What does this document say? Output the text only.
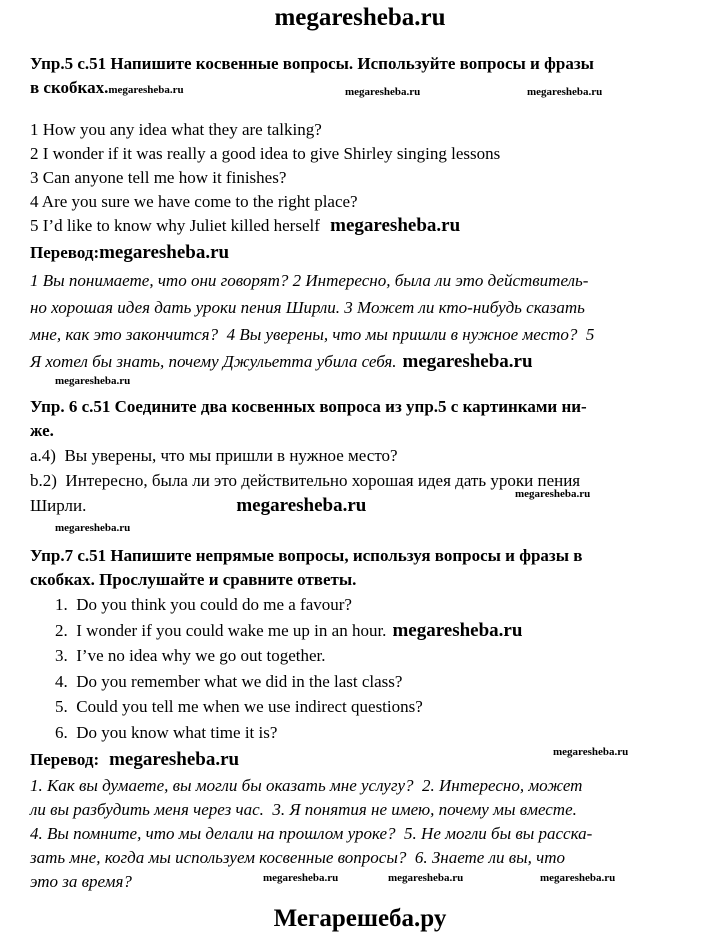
megaresheba.ru
megaresheba.ru	megaresheba.ru
megaresheba.ru
megaresheba.ru
megaresheba.ru
megaresheba.ru
megaresheba.ru	megaresheba.ru	megaresheba.ru
Упр.5 с.51 Напишите косвенные вопросы. Используйте вопросы и фразы
в скобках.megaresheba.ru
1 How you any idea what they are talking?
2 I wonder if it was really a good idea to give Shirley singing lessons
3 Can anyone tell me how it finishes?
4 Are you sure we have come to the right place?
5 I’d like to know why Juliet killed herself megaresheba.ru
Перевод:megaresheba.ru
1 Вы понимаете, что они говорят? 2 Интересно, была ли это действитель-
но хорошая идея дать уроки пения Ширли. 3 Может ли кто-нибудь сказать
мне, как это закончится?  4 Вы уверены, что мы пришли в нужное место?  5
Я хотел бы знать, почему Джульетта убила себя. megaresheba.ru
Упр. 6 с.51 Соедините два косвенных вопроса из упр.5 с картинками ни-
же.
a.4)  Вы уверены, что мы пришли в нужное место?
b.2)  Интересно, была ли это действительно хорошая идея дать уроки пения
Ширли.	megaresheba.ru
Упр.7 с.51 Напишите непрямые вопросы, используя вопросы и фразы в
скобках. Прослушайте и сравните ответы.
1.  Do you think you could do me a favour?
2.  I wonder if you could wake me up in an hour. megaresheba.ru
3.  I’ve no idea why we go out together.
4.  Do you remember what we did in the last class?
5.  Could you tell me when we use indirect questions?
6.  Do you know what time it is?
Перевод: megaresheba.ru
1. Как вы думаете, вы могли бы оказать мне услугу?  2. Интересно, может
ли вы разбудить меня через час.  3. Я понятия не имею, почему мы вместе.
4. Вы помните, что мы делали на прошлом уроке?  5. Не могли бы вы расска-
зать мне, когда мы используем косвенные вопросы?  6. Знаете ли вы, что
это за время?
Мегарешеба.ру
